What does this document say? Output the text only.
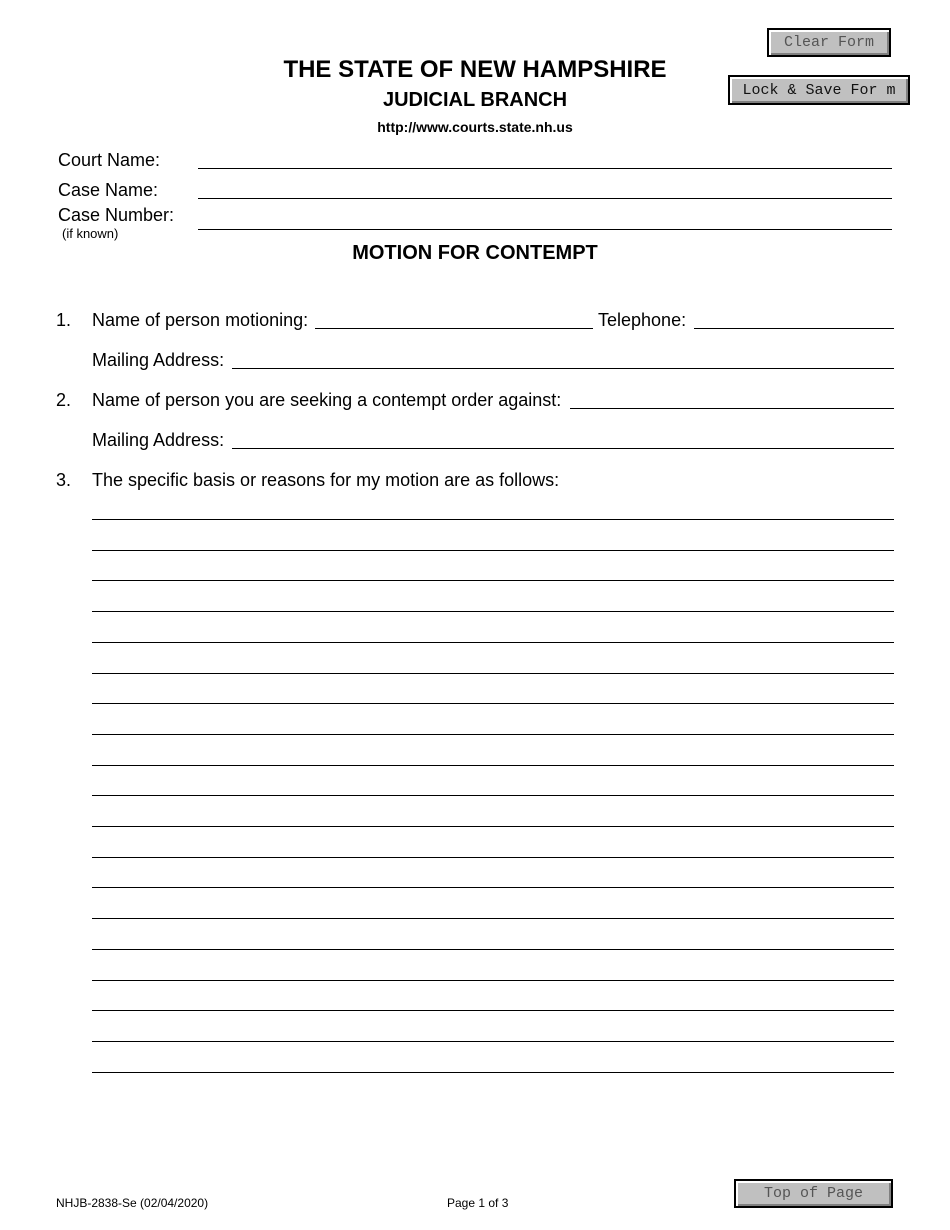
Clear Form
Lock & Save For m
THE STATE OF NEW HAMPSHIRE
JUDICIAL BRANCH
http://www.courts.state.nh.us
Court Name:
Case Name:
Case Number:
(if known)
MOTION FOR CONTEMPT
1. Name of person motioning:	Telephone:
Mailing Address:
2. Name of person you are seeking a contempt order against:
Mailing Address:
3. The specific basis or reasons for my motion are as follows:
NHJB-2838-Se (02/04/2020)	Page 1 of 3
Top of Page
